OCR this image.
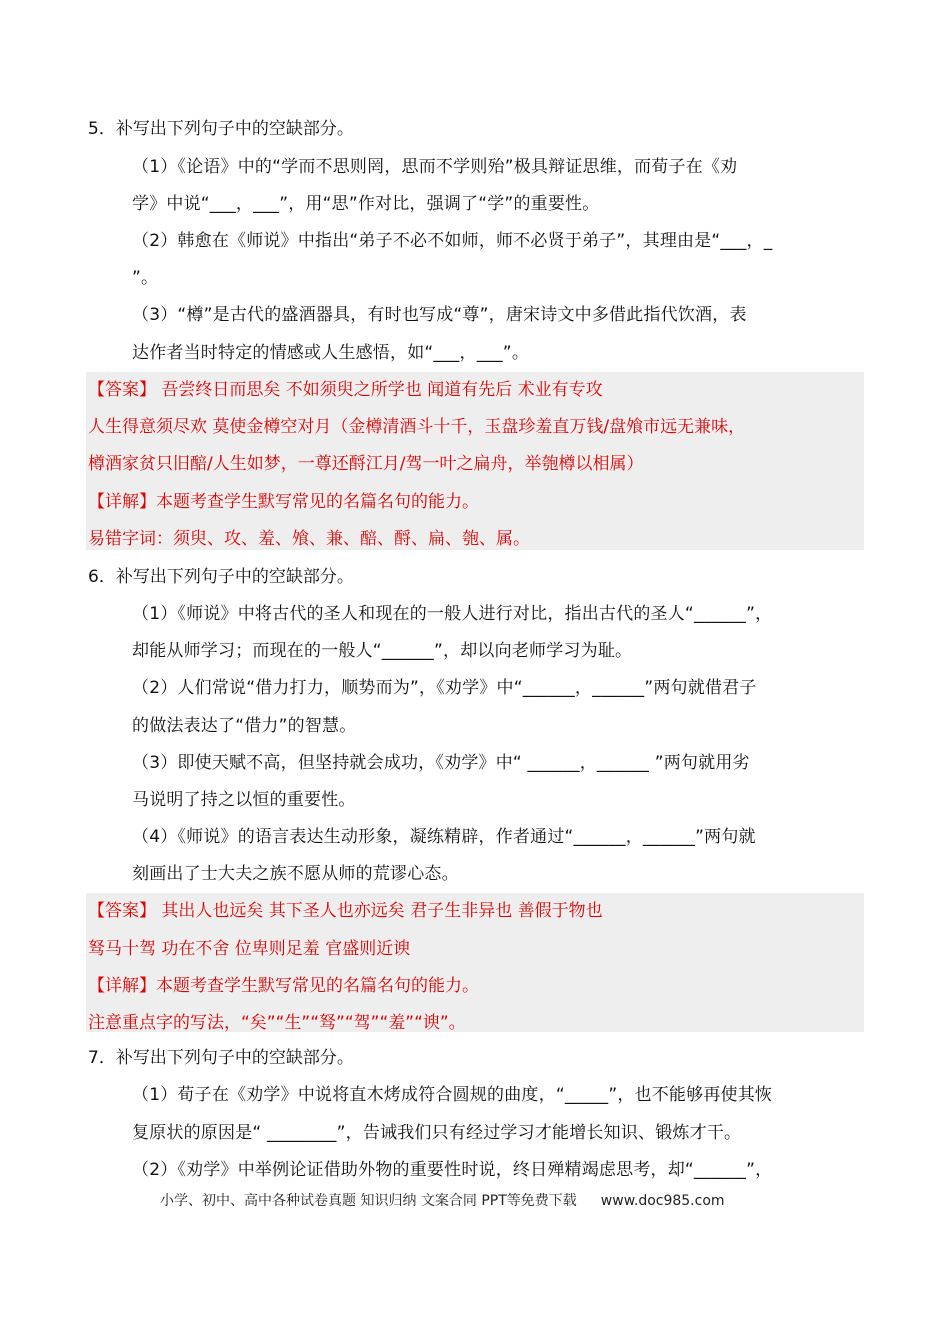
5．补写出下列句子中的空缺部分。
（1）《论语》中的“学而不思则罔，思而不学则殆”极具辩证思维，而荀子在《劝
学》中说“___，___”，用“思”作对比，强调了“学”的重要性。
（2）韩愈在《师说》中指出“弟子不必不如师，师不必贤于弟子”，其理由是“___，_
”。
（3）“樽”是古代的盛酒器具，有时也写成“尊”，唐宋诗文中多借此指代饮酒，表
达作者当时特定的情感或人生感悟，如“___，___”。
【答案】 吾尝终日而思矣 不如须臾之所学也 闻道有先后 术业有专攻
人生得意须尽欢 莫使金樽空对月（金樽清酒斗十千，玉盘珍羞直万钱/盘飧市远无兼味，
樽酒家贫只旧醅/人生如梦，一尊还酹江月/驾一叶之扁舟，举匏樽以相属）
【详解】本题考查学生默写常见的名篇名句的能力。
易错字词：须臾、攻、羞、飧、兼、醅、酹、扁、匏、属。
6．补写出下列句子中的空缺部分。
（1）《师说》中将古代的圣人和现在的一般人进行对比，指出古代的圣人“______”，
却能从师学习；而现在的一般人“______”，却以向老师学习为耻。
（2）人们常说“借力打力，顺势而为”，《劝学》中“______，______”两句就借君子
的做法表达了“借力”的智慧。
（3）即使天赋不高，但坚持就会成功，《劝学》中“ ______，______ ”两句就用劣
马说明了持之以恒的重要性。
（4）《师说》的语言表达生动形象，凝练精辟，作者通过“______，______”两句就
刻画出了士大夫之族不愿从师的荒谬心态。
【答案】 其出人也远矣 其下圣人也亦远矣 君子生非异也 善假于物也
驽马十驾 功在不舍 位卑则足羞 官盛则近谀
【详解】本题考查学生默写常见的名篇名句的能力。
注意重点字的写法，“矣”“生”“驽”“驾”“羞”“谀”。
7．补写出下列句子中的空缺部分。
（1）荀子在《劝学》中说将直木烤成符合圆规的曲度，“_____”，也不能够再使其恢
复原状的原因是“ ________”，告诫我们只有经过学习才能增长知识、锻炼才干。
（2）《劝学》中举例论证借助外物的重要性时说，终日殚精竭虑思考，却“______”，
小学、初中、高中各种试卷真题 知识归纳 文案合同 PPT等免费下载 www.doc985.com
